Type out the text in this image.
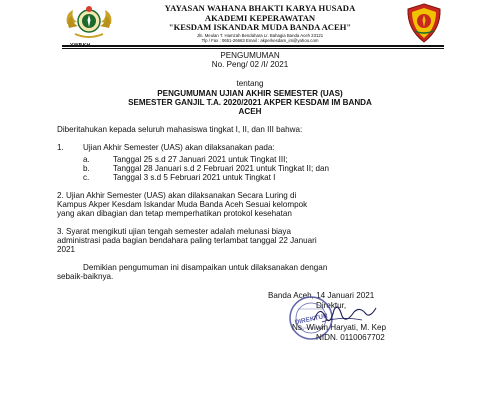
YAYASAN WAHANA BHAKTI KARYA HUSADA
AKADEMI KEPERAWATAN
"KESDAM ISKANDAR MUDA BANDA ACEH"
Jln. Meulan T. Hamzah Bendahara Lr. Bahagia Banda Aceh 23121
Tlp / Fax : 0651-26663 Email : akperkesdam_im@yahoo.com
PENGUMUMAN
No. Peng/ 02 /I/ 2021
tentang
PENGUMUMAN UJIAN AKHIR SEMESTER (UAS)
SEMESTER GANJIL T.A. 2020/2021 AKPER KESDAM IM BANDA
ACEH
Diberitahukan kepada seluruh mahasiswa tingkat I, II, dan III bahwa:
1. Ujian Akhir Semester (UAS) akan dilaksanakan pada:
a.	Tanggal 25 s.d 27 Januari 2021 untuk Tingkat III;
b.	Tanggal 28 Januari s.d 2 Februari 2021 untuk Tingkat II; dan
c.	Tanggal 3 s.d 5 Februari 2021 untuk Tingkat I
2. Ujian Akhir Semester (UAS) akan dilaksanakan Secara Luring di
Kampus Akper Kesdam Iskandar Muda Banda Aceh Sesuai kelompok
yang akan dibagian dan tetap memperhatikan protokol kesehatan
3. Syarat mengikuti ujian tengah semester adalah melunasi biaya
administrasi pada bagian bendahara paling terlambat tanggal 22 Januari
2021
Demikian pengumuman ini disampaikan untuk dilaksanakan dengan
sebaik-baiknya.
Banda Aceh, 14 Januari 2021
Direktur,
DIREKTUR
Ns. Wiwin Haryati, M. Kep
NIDN. 0110067702
